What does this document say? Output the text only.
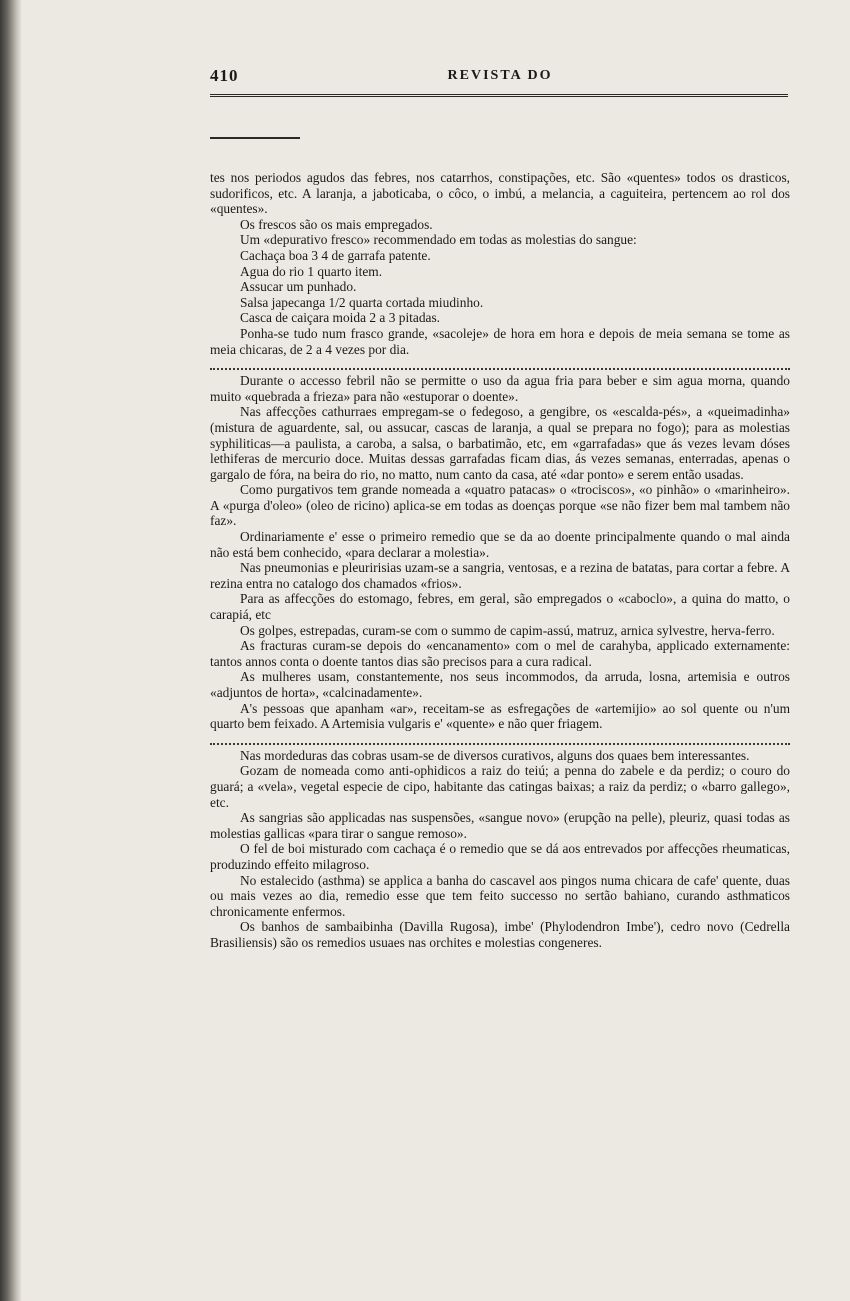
410	REVISTA DO

tes nos periodos agudos das febres, nos catarrhos, constipações, etc. São «quentes» todos os drasticos, sudorificos, etc. A laranja, a jaboticaba, o côco, o imbú, a melancia, a caguiteira, pertencem ao rol dos «quentes».

Os frescos são os mais empregados.

Um «depurativo fresco» recommendado em todas as molestias do sangue:

Cachaça boa 3 4 de garrafa patente.

Agua do rio 1 quarto item.

Assucar um punhado.

Salsa japecanga 1/2 quarta cortada miudinho.

Casca de caiçara moida 2 a 3 pitadas.

Ponha-se tudo num frasco grande, «sacoleje» de hora em hora e depois de meia semana se tome as meia chicaras, de 2 a 4 vezes por dia.

Durante o accesso febril não se permitte o uso da agua fria para beber e sim agua morna, quando muito «quebrada a frieza» para não «estuporar o doente».

Nas affecções cathurraes empregam-se o fedegoso, a gengibre, os «escalda-pés», a «queimadinha» (mistura de aguardente, sal, ou assucar, cascas de laranja, a qual se prepara no fogo); para as molestias syphiliticas—a paulista, a caroba, a salsa, o barbatimão, etc, em «garrafadas» que ás vezes levam dóses lethiferas de mercurio doce. Muitas dessas garrafadas ficam dias, ás vezes semanas, enterradas, apenas o gargalo de fóra, na beira do rio, no matto, num canto da casa, até «dar ponto» e serem então usadas.

Como purgativos tem grande nomeada a «quatro patacas» o «trociscos», «o pinhão» o «marinheiro». A «purga d'oleo» (oleo de ricino) aplica-se em todas as doenças porque «se não fizer bem mal tambem não faz».

Ordinariamente e' esse o primeiro remedio que se da ao doente principalmente quando o mal ainda não está bem conhecido, «para declarar a molestia».

Nas pneumonias e pleuririsias uzam-se a sangria, ventosas, e a rezina de batatas, para cortar a febre. A rezina entra no catalogo dos chamados «frios».

Para as affecções do estomago, febres, em geral, são empregados o «caboclo», a quina do matto, o carapiá, etc

Os golpes, estrepadas, curam-se com o summo de capim-assú, matruz, arnica sylvestre, herva-ferro.

As fracturas curam-se depois do «encanamento» com o mel de carahyba, applicado externamente: tantos annos conta o doente tantos dias são precisos para a cura radical.

As mulheres usam, constantemente, nos seus incommodos, da arruda, losna, artemisia e outros «adjuntos de horta», «calcinadamente».

A's pessoas que apanham «ar», receitam-se as esfregações de «artemijio» ao sol quente ou n'um quarto bem feixado. A Artemisia vulgaris e' «quente» e não quer friagem.

Nas mordeduras das cobras usam-se de diversos curativos, alguns dos quaes bem interessantes.

Gozam de nomeada como anti-ophidicos a raiz do teiú; a penna do zabele e da perdiz; o couro do guará; a «vela», vegetal especie de cipo, habitante das catingas baixas; a raiz da perdiz; o «barro gallego», etc.

As sangrias são applicadas nas suspensões, «sangue novo» (erupção na pelle), pleuriz, quasi todas as molestias gallicas «para tirar o sangue remoso».

O fel de boi misturado com cachaça é o remedio que se dá aos entrevados por affecções rheumaticas, produzindo effeito milagroso.

No estalecido (asthma) se applica a banha do cascavel aos pingos numa chicara de cafe' quente, duas ou mais vezes ao dia, remedio esse que tem feito successo no sertão bahiano, curando asthmaticos chronicamente enfermos.

Os banhos de sambaibinha (Davilla Rugosa), imbe' (Phylodendron Imbe'), cedro novo (Cedrella Brasiliensis) são os remedios usuaes nas orchites e molestias congeneres.
